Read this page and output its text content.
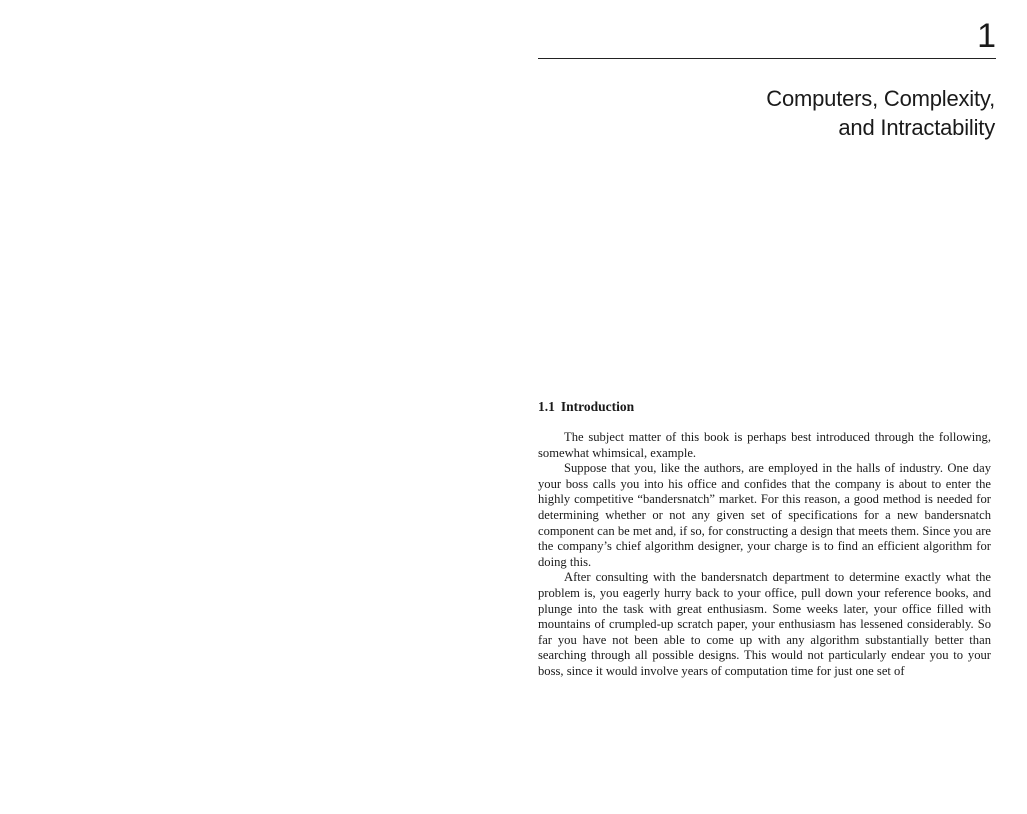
1
Computers, Complexity,
and Intractability
1.1 Introduction

The subject matter of this book is perhaps best introduced through the following, somewhat whimsical, example.

Suppose that you, like the authors, are employed in the halls of industry. One day your boss calls you into his office and confides that the company is about to enter the highly competitive “bandersnatch” market. For this reason, a good method is needed for determining whether or not any given set of specifications for a new bandersnatch component can be met and, if so, for constructing a design that meets them. Since you are the company’s chief algorithm designer, your charge is to find an efficient algorithm for doing this.

After consulting with the bandersnatch department to determine exactly what the problem is, you eagerly hurry back to your office, pull down your reference books, and plunge into the task with great enthusiasm. Some weeks later, your office filled with mountains of crumpled-up scratch paper, your enthusiasm has lessened considerably. So far you have not been able to come up with any algorithm substantially better than searching through all possible designs. This would not particularly endear you to your boss, since it would involve years of computation time for just one set of
